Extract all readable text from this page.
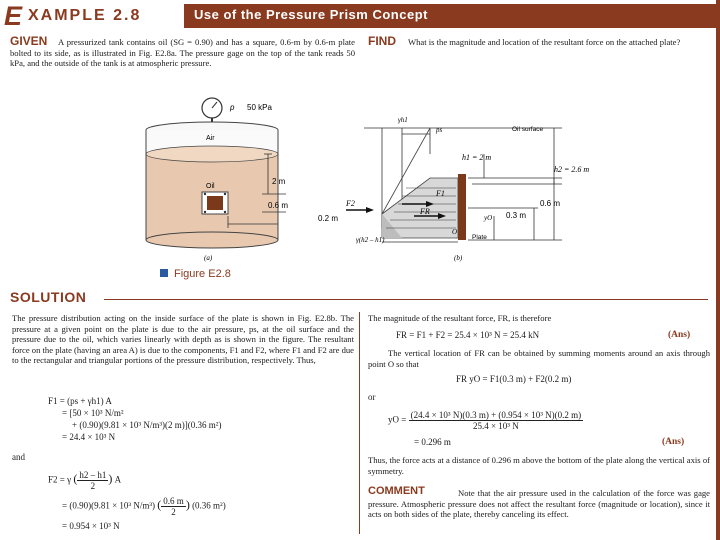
E XAMPLE 2.8	Use of the Pressure Prism Concept
GIVEN	A pressurized tank contains oil (SG = 0.90) and has a square, 0.6-m by 0.6-m plate bolted to its side, as is illustrated in Fig. E2.8a. The pressure gage on the top of the tank reads 50 kPa, and the outside of the tank is at atmospheric pressure.
FIND	What is the magnitude and location of the resultant force on the attached plate?
p 50 kPa
Air
Oil
2 m
0.6 m
0.2 m
(a)
γh1
ps	Oil surface
h1 = 2 m
h2 = 2.6 m
F1
F2
FR
0.6 m
0.3 m
yO
O
Plate
γ(h2 – h1)
(b)
Figure E2.8
SOLUTION
The pressure distribution acting on the inside surface of the plate is shown in Fig. E2.8b. The pressure at a given point on the plate is due to the air pressure, ps, at the oil surface and the pressure due to the oil, which varies linearly with depth as is shown in the figure. The resultant force on the plate (having an area A) is due to the components, F1 and F2, where F1 and F2 are due to the rectangular and triangular portions of the pressure distribution, respectively. Thus,
F1 = (ps + γh1) A
= [50 × 10³ N/m²
+ (0.90)(9.81 × 10³ N/m³)(2 m)](0.36 m²)
= 24.4 × 10³ N
and
F2 = γ ( $\frac{h2 - h1}{2}$ ) A
= (0.90)(9.81 × 10³ N/m³) ( $\frac{0.6 m}{2}$ ) (0.36 m²)
= 0.954 × 10³ N
The magnitude of the resultant force, FR, is therefore
FR = F1 + F2 = 25.4 × 10³ N = 25.4 kN	(Ans)
The vertical location of FR can be obtained by summing moments around an axis through point O so that
FR yO = F1(0.3 m) + F2(0.2 m)
or
yO = $\frac{\text{(24.4 × 10³ N)(0.3 m) + (0.954 × 10³ N)(0.2 m)}}{\text{25.4 × 10³ N}}$
= 0.296 m	(Ans)
Thus, the force acts at a distance of 0.296 m above the bottom of the plate along the vertical axis of symmetry.
COMMENT	Note that the air pressure used in the calculation of the force was gage pressure. Atmospheric pressure does not affect the resultant force (magnitude or location), since it acts on both sides of the plate, thereby canceling its effect.
